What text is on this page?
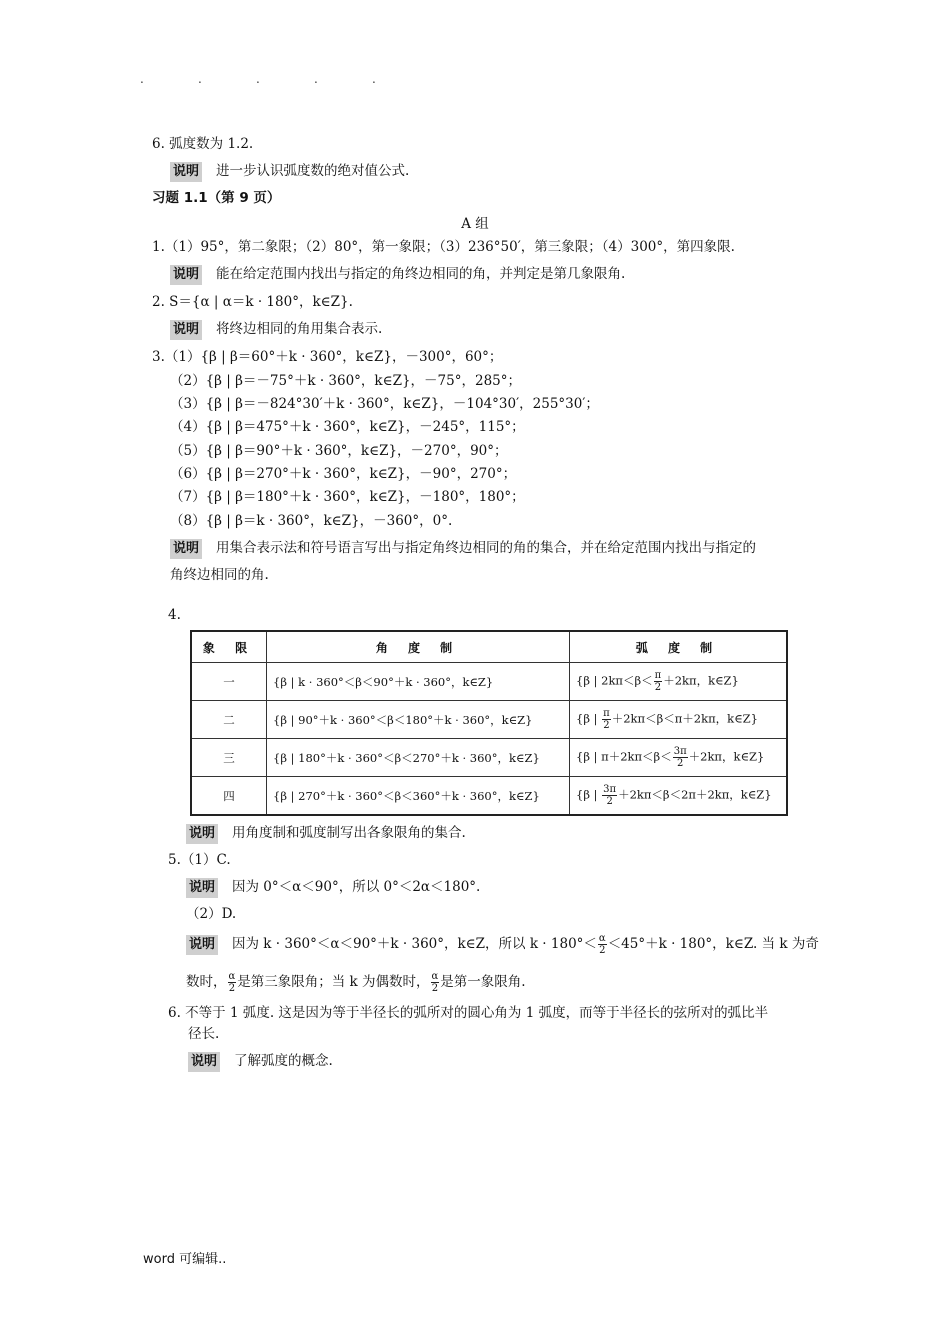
.	.	.	.	.
6. 弧度数为 1.2.
说明 进一步认识弧度数的绝对值公式.
习题 1.1（第 9 页）
A 组
1.（1）95°，第二象限；（2）80°，第一象限；（3）236°50′，第三象限；（4）300°，第四象限.
说明 能在给定范围内找出与指定的角终边相同的角，并判定是第几象限角.
2. S＝{α | α＝k · 180°，k∈Z}.
说明 将终边相同的角用集合表示.
3.（1）{β | β＝60°＋k · 360°，k∈Z}，－300°，60°；
（2）{β | β＝－75°＋k · 360°，k∈Z}，－75°，285°；
（3）{β | β＝－824°30′＋k · 360°，k∈Z}，－104°30′，255°30′；
（4）{β | β＝475°＋k · 360°，k∈Z}，－245°，115°；
（5）{β | β＝90°＋k · 360°，k∈Z}，－270°，90°；
（6）{β | β＝270°＋k · 360°，k∈Z}，－90°，270°；
（7）{β | β＝180°＋k · 360°，k∈Z}，－180°，180°；
（8）{β | β＝k · 360°，k∈Z}，－360°，0°.
说明 用集合表示法和符号语言写出与指定角终边相同的角的集合，并在给定范围内找出与指定的
角终边相同的角.
4.
象 限	角 度 制	弧 度 制
一	{β | k · 360°＜β＜90°＋k · 360°，k∈Z}	{β | $2k\pi<\beta< \frac{\pi}{2} +2k\pi$，k∈Z}
二	{β | 90°＋k · 360°＜β＜180°＋k · 360°，k∈Z}	{β | $\frac{\pi}{2} +2k\pi<\beta<\pi+2k\pi$，k∈Z}
三	{β | 180°＋k · 360°＜β＜270°＋k · 360°，k∈Z}	{β | $\pi+2k\pi<\beta< \frac{3\pi}{2} +2k\pi$，k∈Z}
四	{β | 270°＋k · 360°＜β＜360°＋k · 360°，k∈Z}	{β | $\frac{3\pi}{2} +2k\pi<\beta<2\pi+2k\pi$，k∈Z}
说明 用角度制和弧度制写出各象限角的集合.
5.（1）C.
说明 因为 0°＜α＜90°，所以 0°＜2α＜180°.
（2）D.
说明 因为 k · 360°＜α＜90°＋k · 360°，k∈Z，所以 $k \cdot 180^\circ< \frac{\alpha}{2} <45^\circ+k \cdot 180^\circ$，k∈Z. 当 k 为奇
数时， $\frac{\alpha}{2}$ 是第三象限角；当 k 为偶数时， $\frac{\alpha}{2}$ 是第一象限角.
6. 不等于 1 弧度. 这是因为等于半径长的弧所对的圆心角为 1 弧度，而等于半径长的弦所对的弧比半
径长.
说明 了解弧度的概念.
word 可编辑..
